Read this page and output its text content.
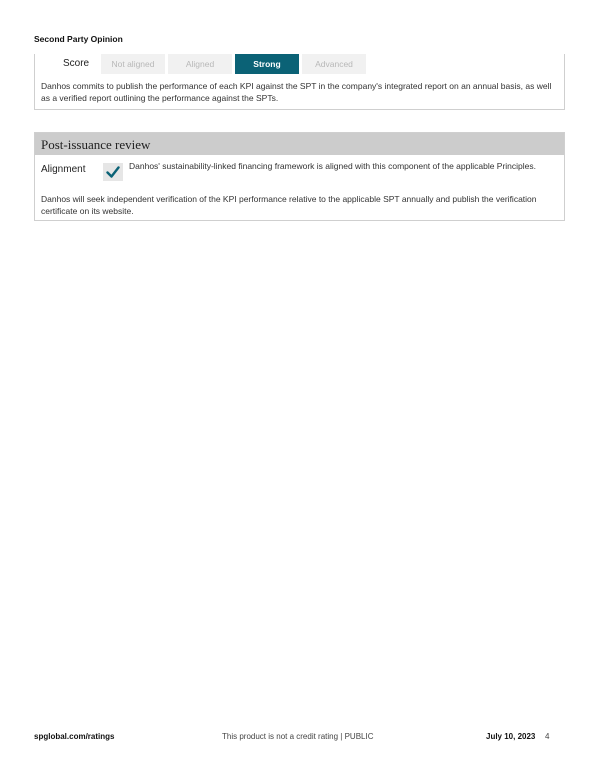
Second Party Opinion
Score	Not aligned	Aligned	Strong	Advanced
Danhos commits to publish the performance of each KPI against the SPT in the company's integrated report on an annual basis, as well as a verified report outlining the performance against the SPTs.
Post-issuance review
Alignment	Danhos' sustainability-linked financing framework is aligned with this component of the applicable Principles.
Danhos will seek independent verification of the KPI performance relative to the applicable SPT annually and publish the verification certificate on its website.
spglobal.com/ratings	This product is not a credit rating | PUBLIC	July 10, 2023 4
